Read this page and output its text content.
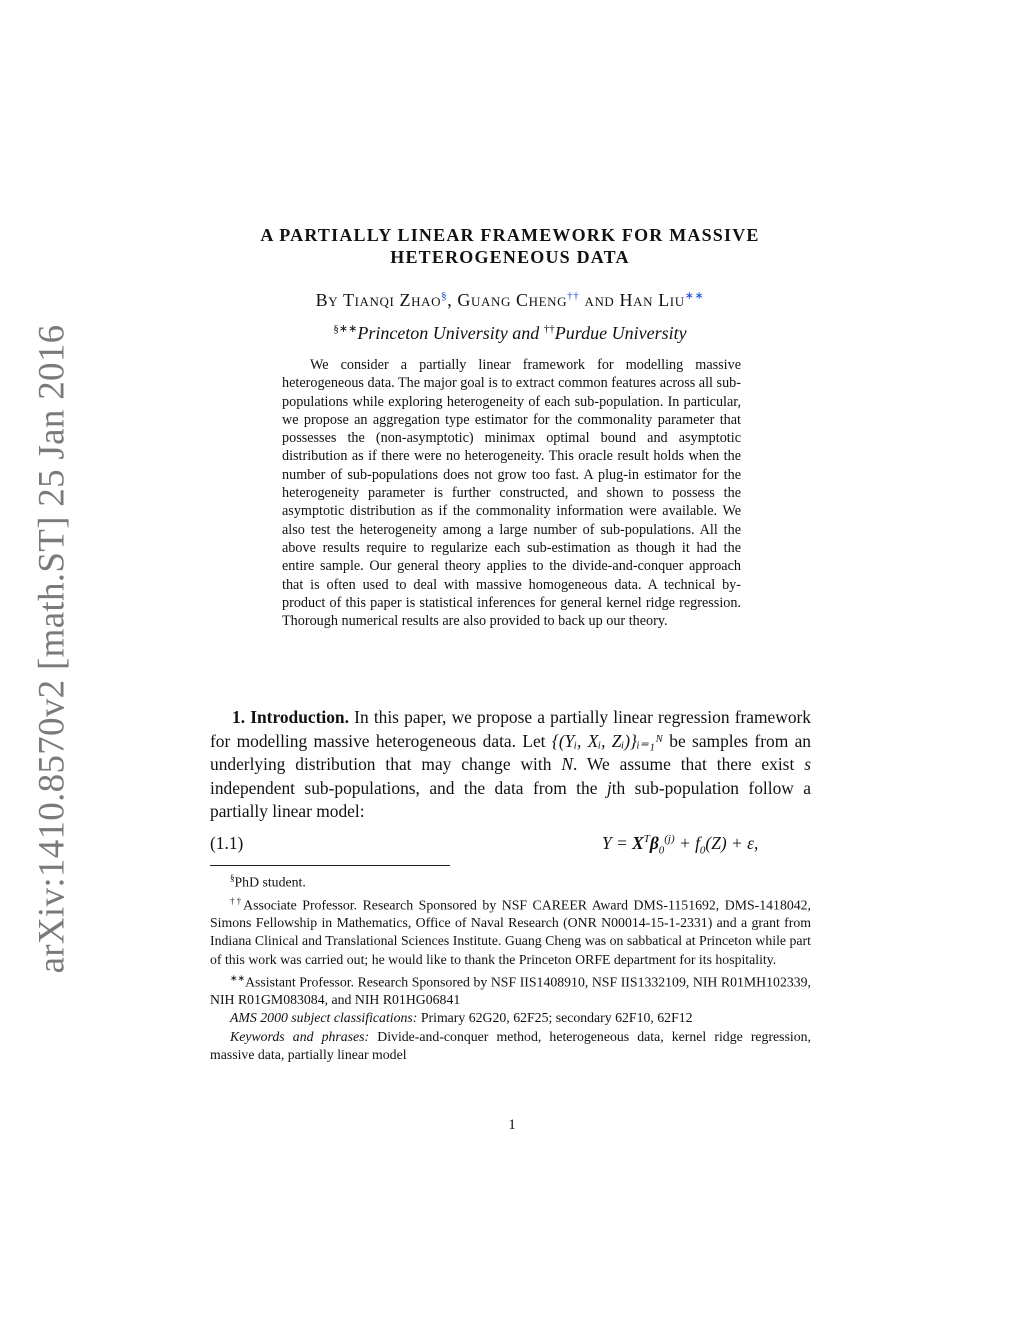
arXiv:1410.8570v2 [math.ST] 25 Jan 2016
A PARTIALLY LINEAR FRAMEWORK FOR MASSIVE
HETEROGENEOUS DATA
By Tianqi Zhao§, Guang Cheng†† and Han Liu∗∗
§∗∗Princeton University and ††Purdue University

We consider a partially linear framework for modelling massive heterogeneous data. The major goal is to extract common features across all sub-populations while exploring heterogeneity of each sub-population. In particular, we propose an aggregation type estimator for the commonality parameter that possesses the (non-asymptotic) minimax optimal bound and asymptotic distribution as if there were no heterogeneity. This oracle result holds when the number of sub-populations does not grow too fast. A plug-in estimator for the heterogeneity parameter is further constructed, and shown to possess the asymptotic distribution as if the commonality information were available. We also test the heterogeneity among a large number of sub-populations. All the above results require to regularize each sub-estimation as though it had the entire sample. Our general theory applies to the divide-and-conquer approach that is often used to deal with massive homogeneous data. A technical by-product of this paper is statistical inferences for general kernel ridge regression. Thorough numerical results are also provided to back up our theory.

1. Introduction. In this paper, we propose a partially linear regression framework for modelling massive heterogeneous data. Let {(Yᵢ, Xᵢ, Zᵢ)}ᵢ₌₁ᴺ be samples from an underlying distribution that may change with N. We assume that there exist s independent sub-populations, and the data from the jth sub-population follow a partially linear model:

(1.1)	$Y = X^T\beta_0^{(j)} + f_0(Z) + \varepsilon$,

§PhD student.

††Associate Professor. Research Sponsored by NSF CAREER Award DMS-1151692, DMS-1418042, Simons Fellowship in Mathematics, Office of Naval Research (ONR N00014-15-1-2331) and a grant from Indiana Clinical and Translational Sciences Institute. Guang Cheng was on sabbatical at Princeton while part of this work was carried out; he would like to thank the Princeton ORFE department for its hospitality.

∗∗Assistant Professor. Research Sponsored by NSF IIS1408910, NSF IIS1332109, NIH R01MH102339, NIH R01GM083084, and NIH R01HG06841

AMS 2000 subject classifications: Primary 62G20, 62F25; secondary 62F10, 62F12

Keywords and phrases: Divide-and-conquer method, heterogeneous data, kernel ridge regression, massive data, partially linear model

1
